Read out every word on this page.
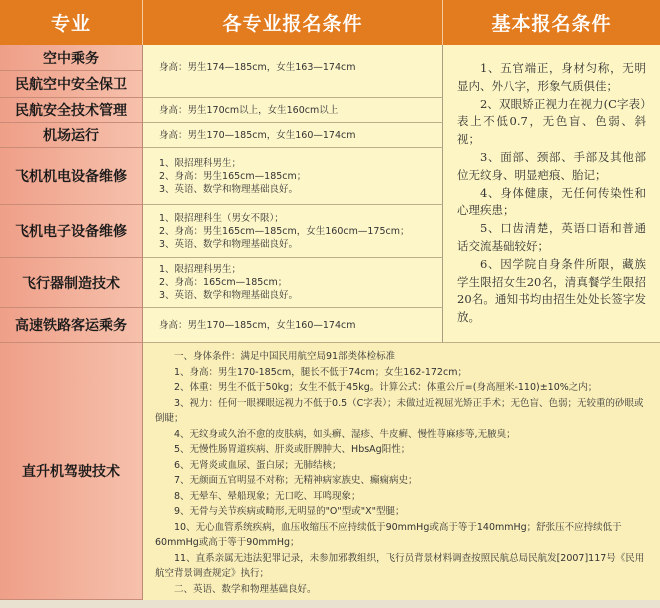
专业	各专业报名条件	基本报名条件
空中乘务
民航空中安全保卫
民航安全技术管理
机场运行
飞机机电设备维修
飞机电子设备维修
飞行器制造技术
高速铁路客运乘务
直升机驾驶技术
身高：男生174—185cm，女生163—174cm
身高：男生170cm以上，女生160cm以上
身高：男生170—185cm，女生160—174cm
1、限招理科男生；
2、身高：男生165cm—185cm；
3、英语、数学和物理基础良好。
1、限招理科生（男女不限）；
2、身高：男生165cm—185cm，女生160cm—175cm；
3、英语、数学和物理基础良好。
1、限招理科男生；
2、身高：165cm—185cm；
3、英语、数学和物理基础良好。
身高：男生170—185cm，女生160—174cm

1、五官端正，身材匀称，无明显内、外八字，形象气质俱佳；

2、双眼矫正视力在视力(C字表）表上不低0.7，无色盲、色弱、斜视；

3、面部、颈部、手部及其他部位无纹身、明显疤痕、胎记；

4、身体健康，无任何传染性和心理疾患；

5、口齿清楚，英语口语和普通话交流基础较好；

6、因学院自身条件所限，藏族学生限招女生20名，清真餐学生限招20名。通知书均由招生处处长签字发放。

一、身体条件：满足中国民用航空局91部类体检标准

1、身高：男生170-185cm，腿长不低于74cm；女生162-172cm；

2、体重：男生不低于50kg；女生不低于45kg。计算公式：体重公斤=(身高厘米-110)±10%之内；

3、视力：任何一眼裸眼远视力不低于0.5（C字表）；未做过近视屈光矫正手术；无色盲、色弱；无较重的砂眼或倒睫；

4、无纹身或久治不愈的皮肤病，如头癣、湿疹、牛皮癣、慢性荨麻疹等,无腋臭；

5、无慢性肠胃道疾病、肝炎或肝脾肿大、HbsAg阳性；

6、无肾炎或血尿、蛋白尿；无肺结核；

7、无颜面五官明显不对称；无精神病家族史、癫痫病史；

8、无晕车、晕船现象；无口吃、耳鸣现象；

9、无骨与关节疾病或畸形,无明显的"O"型或"X"型腿；

10、无心血管系统疾病，血压收缩压不应持续低于90mmHg或高于等于140mmHg；舒张压不应持续低于60mmHg或高于等于90mmHg；

11、直系亲属无违法犯罪记录，未参加邪教组织，飞行员背景材料调查按照民航总局民航发[2007]117号《民用航空背景调查规定》执行；

二、英语、数学和物理基础良好。
